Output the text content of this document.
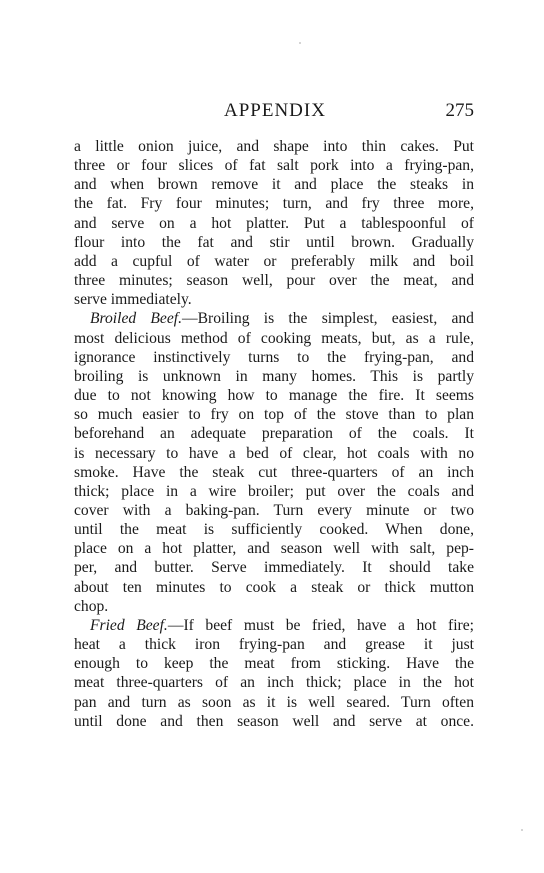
APPENDIX	275
a little onion juice, and shape into thin cakes. Put
three or four slices of fat salt pork into a frying-pan,
and when brown remove it and place the steaks in
the fat. Fry four minutes; turn, and fry three more,
and serve on a hot platter. Put a tablespoonful of
flour into the fat and stir until brown. Gradually
add a cupful of water or preferably milk and boil
three minutes; season well, pour over the meat, and
serve immediately.
Broiled Beef.—Broiling is the simplest, easiest, and
most delicious method of cooking meats, but, as a rule,
ignorance instinctively turns to the frying-pan, and
broiling is unknown in many homes. This is partly
due to not knowing how to manage the fire. It seems
so much easier to fry on top of the stove than to plan
beforehand an adequate preparation of the coals. It
is necessary to have a bed of clear, hot coals with no
smoke. Have the steak cut three-quarters of an inch
thick; place in a wire broiler; put over the coals and
cover with a baking-pan. Turn every minute or two
until the meat is sufficiently cooked. When done,
place on a hot platter, and season well with salt, pep-
per, and butter. Serve immediately. It should take
about ten minutes to cook a steak or thick mutton
chop.
Fried Beef.—If beef must be fried, have a hot fire;
heat a thick iron frying-pan and grease it just
enough to keep the meat from sticking. Have the
meat three-quarters of an inch thick; place in the hot
pan and turn as soon as it is well seared. Turn often
until done and then season well and serve at once.
